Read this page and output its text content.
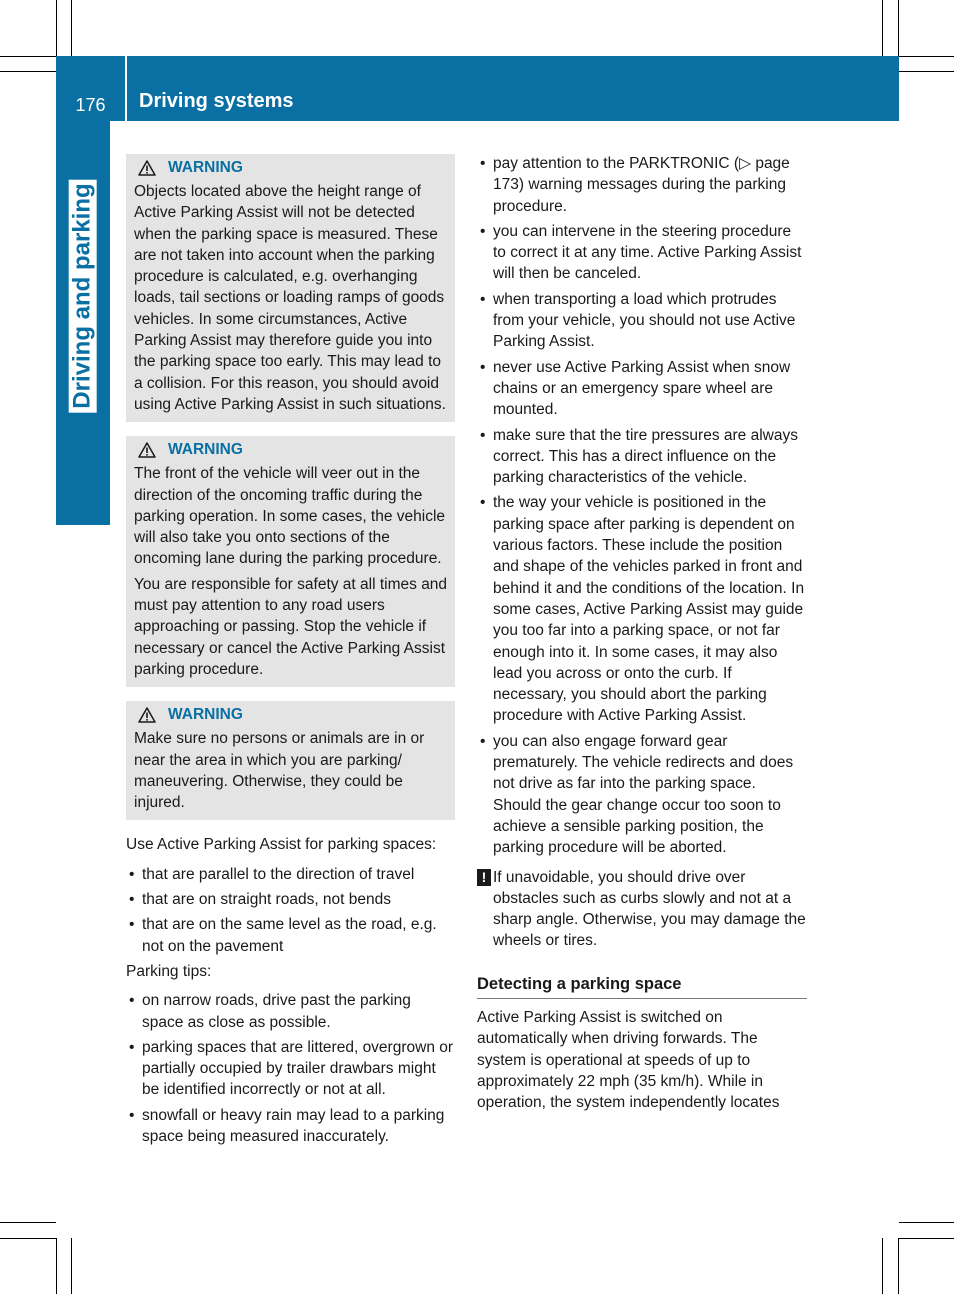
176	Driving systems
Driving and parking
WARNING

Objects located above the height range of Active Parking Assist will not be detected when the parking space is measured. These are not taken into account when the parking procedure is calculated, e.g. overhanging loads, tail sections or loading ramps of goods vehicles. In some circumstances, Active Parking Assist may therefore guide you into the parking space too early. This may lead to a collision. For this reason, you should avoid using Active Parking Assist in such situations.

WARNING

The front of the vehicle will veer out in the direction of the oncoming traffic during the parking operation. In some cases, the vehicle will also take you onto sections of the oncoming lane during the parking procedure.

You are responsible for safety at all times and must pay attention to any road users approaching or passing. Stop the vehicle if necessary or cancel the Active Parking Assist parking procedure.

WARNING

Make sure no persons or animals are in or near the area in which you are parking/ maneuvering. Otherwise, they could be injured.

Use Active Parking Assist for parking spaces:

• that are parallel to the direction of travel
• that are on straight roads, not bends
• that are on the same level as the road, e.g. not on the pavement

Parking tips:

• on narrow roads, drive past the parking space as close as possible.
• parking spaces that are littered, overgrown or partially occupied by trailer drawbars might be identified incorrectly or not at all.
• snowfall or heavy rain may lead to a parking space being measured inaccurately.
• pay attention to the PARKTRONIC (▷ page 173) warning messages during the parking procedure.
• you can intervene in the steering procedure to correct it at any time. Active Parking Assist will then be canceled.
• when transporting a load which protrudes from your vehicle, you should not use Active Parking Assist.
• never use Active Parking Assist when snow chains or an emergency spare wheel are mounted.
• make sure that the tire pressures are always correct. This has a direct influence on the parking characteristics of the vehicle.
• the way your vehicle is positioned in the parking space after parking is dependent on various factors. These include the position and shape of the vehicles parked in front and behind it and the conditions of the location. In some cases, Active Parking Assist may guide you too far into a parking space, or not far enough into it. In some cases, it may also lead you across or onto the curb. If necessary, you should abort the parking procedure with Active Parking Assist.
• you can also engage forward gear prematurely. The vehicle redirects and does not drive as far into the parking space. Should the gear change occur too soon to achieve a sensible parking position, the parking procedure will be aborted.
! If unavoidable, you should drive over obstacles such as curbs slowly and not at a sharp angle. Otherwise, you may damage the wheels or tires.
Detecting a parking space

Active Parking Assist is switched on automatically when driving forwards. The system is operational at speeds of up to approximately 22 mph (35 km/h). While in operation, the system independently locates
